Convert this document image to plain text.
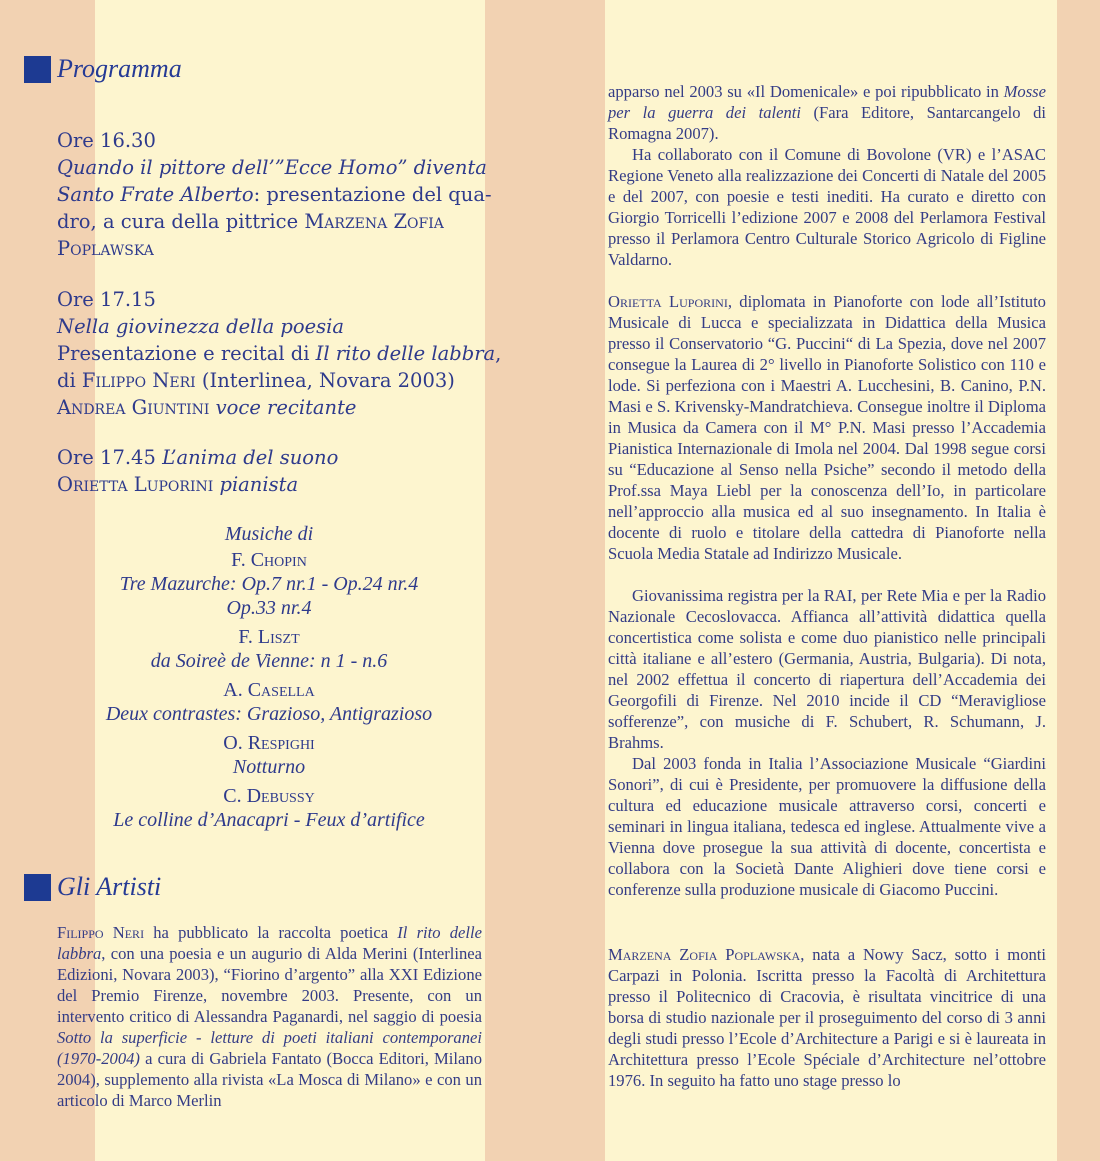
Programma
Ore 16.30
Quando il pittore dell’”Ecce Homo” diventa
Santo Frate Alberto: presentazione del qua-
dro, a cura della pittrice Marzena Zofia
Poplawska
Ore 17.15
Nella giovinezza della poesia
Presentazione e recital di Il rito delle labbra,
di Filippo Neri (Interlinea, Novara 2003)
Andrea Giuntini voce recitante
Ore 17.45 L’anima del suono
Orietta Luporini pianista
Musiche di
F. Chopin
Tre Mazurche: Op.7 nr.1 - Op.24 nr.4
Op.33 nr.4
F. Liszt
da Soireè de Vienne: n 1 - n.6
A. Casella
Deux contrastes: Grazioso, Antigrazioso
O. Respighi
Notturno
C. Debussy
Le colline d’Anacapri - Feux d’artifice
Gli Artisti
Filippo Neri ha pubblicato la raccolta poetica Il rito delle labbra, con una poesia e un augurio di Alda Merini (Interlinea Edizioni, Novara 2003), “Fiorino d’argento” alla XXI Edizione del Premio Firenze, novembre 2003. Presente, con un intervento critico di Alessandra Paganardi, nel saggio di poesia Sotto la superficie - letture di poeti italiani contemporanei (1970-2004) a cura di Gabriela Fantato (Bocca Editori, Milano 2004), supplemento alla rivista «La Mosca di Milano» e con un articolo di Marco Merlin
apparso nel 2003 su «Il Domenicale» e poi ripubblicato in Mosse per la guerra dei talenti (Fara Editore, Santarcangelo di Romagna 2007).
Ha collaborato con il Comune di Bovolone (VR) e l’ASAC Regione Veneto alla realizzazione dei Concerti di Natale del 2005 e del 2007, con poesie e testi inediti. Ha curato e diretto con Giorgio Torricelli l’edizione 2007 e 2008 del Perlamora Festival presso il Perlamora Centro Culturale Storico Agricolo di Figline Valdarno.
Orietta Luporini, diplomata in Pianoforte con lode all’Istituto Musicale di Lucca e specializzata in Didattica della Musica presso il Conservatorio “G. Puccini“ di La Spezia, dove nel 2007 consegue la Laurea di 2° livello in Pianoforte Solistico con 110 e lode. Si perfeziona con i Maestri A. Lucchesini, B. Canino, P.N. Masi e S. Krivensky-Mandratchieva. Consegue inoltre il Diploma in Musica da Camera con il M° P.N. Masi presso l’Accademia Pianistica Internazionale di Imola nel 2004. Dal 1998 segue corsi su “Educazione al Senso nella Psiche” secondo il metodo della Prof.ssa Maya Liebl per la conoscenza dell’Io, in particolare nell’approccio alla musica ed al suo insegnamento. In Italia è docente di ruolo e titolare della cattedra di Pianoforte nella Scuola Media Statale ad Indirizzo Musicale.
Giovanissima registra per la RAI, per Rete Mia e per la Radio Nazionale Cecoslovacca. Affianca all’attività didattica quella concertistica come solista e come duo pianistico nelle principali città italiane e all’estero (Germania, Austria, Bulgaria). Di nota, nel 2002 effettua il concerto di riapertura dell’Accademia dei Georgofili di Firenze. Nel 2010 incide il CD “Meravigliose sofferenze”, con musiche di F. Schubert, R. Schumann, J. Brahms.
Dal 2003 fonda in Italia l’Associazione Musicale “Giardini Sonori”, di cui è Presidente, per promuovere la diffusione della cultura ed educazione musicale attraverso corsi, concerti e seminari in lingua italiana, tedesca ed inglese. Attualmente vive a Vienna dove prosegue la sua attività di docente, concertista e collabora con la Società Dante Alighieri dove tiene corsi e conferenze sulla produzione musicale di Giacomo Puccini.
Marzena Zofia Poplawska, nata a Nowy Sacz, sotto i monti Carpazi in Polonia. Iscritta presso la Facoltà di Architettura presso il Politecnico di Cracovia, è risultata vincitrice di una borsa di studio nazionale per il proseguimento del corso di 3 anni degli studi presso l’Ecole d’Architecture a Parigi e si è laureata in Architettura presso l’Ecole Spéciale d’Architecture nel’ottobre 1976. In seguito ha fatto uno stage presso lo
